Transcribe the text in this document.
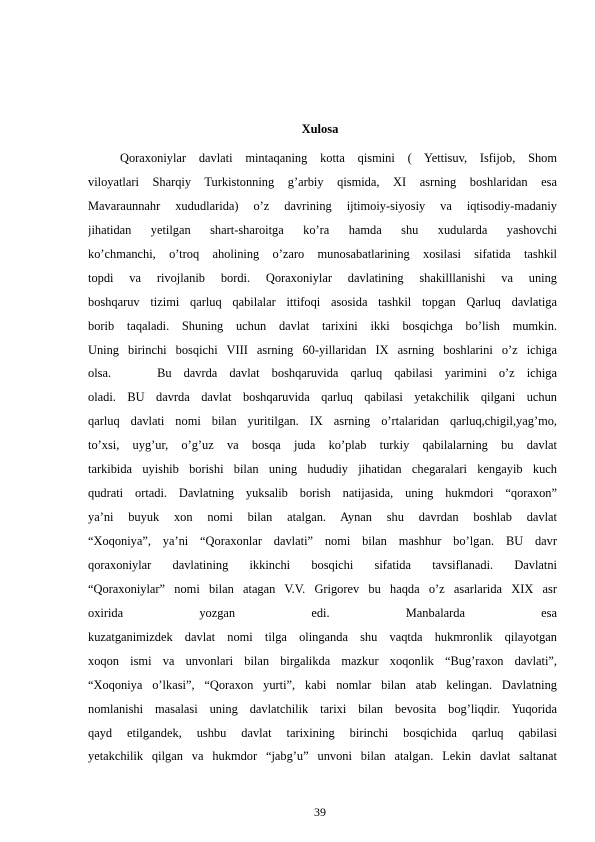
Xulosa
Qoraxoniylar davlati mintaqaning kotta qismini ( Yettisuv, Isfijob, Shom
viloyatlari Sharqiy Turkistonning g’arbiy qismida, XI asrning boshlaridan esa
Mavaraunnahr xududlarida) o’z davrining ijtimoiy-siyosiy va iqtisodiy-madaniy
jihatidan yetilgan shart-sharoitga ko’ra hamda shu xudularda yashovchi
ko’chmanchi, o’troq aholining o’zaro munosabatlarining xosilasi sifatida tashkil
topdi va rivojlanib bordi. Qoraxoniylar davlatining shakilllanishi va uning
boshqaruv tizimi qarluq qabilalar ittifoqi asosida tashkil topgan Qarluq davlatiga
borib taqaladi. Shuning uchun davlat tarixini ikki bosqichga bo’lish mumkin.
Uning birinchi bosqichi VIII asrning 60-yillaridan IX asrning boshlarini o’z ichiga
olsa.	Bu davrda davlat boshqaruvida qarluq qabilasi yarimini o’z ichiga
oladi. BU davrda davlat boshqaruvida qarluq qabilasi yetakchilik qilgani uchun
qarluq davlati nomi bilan yuritilgan. IX asrning o’rtalaridan qarluq,chigil,yag’mo,
to’xsi, uyg’ur, o’g’uz va bosqa juda ko’plab turkiy qabilalarning bu davlat
tarkibida uyishib borishi bilan uning hududiy jihatidan chegaralari kengayib kuch
qudrati ortadi. Davlatning yuksalib borish natijasida, uning hukmdori “qoraxon”
ya’ni buyuk xon nomi bilan atalgan. Aynan shu davrdan boshlab davlat
“Xoqoniya”, ya’ni “Qoraxonlar davlati” nomi bilan mashhur bo’lgan. BU davr
qoraxoniylar davlatining ikkinchi bosqichi sifatida tavsiflanadi. Davlatni
“Qoraxoniylar” nomi bilan atagan V.V. Grigorev bu haqda o’z asarlarida XIX asr
oxirida yozgan edi.	Manbalarda esa
kuzatganimizdek davlat nomi tilga olinganda shu vaqtda hukmronlik qilayotgan
xoqon ismi va unvonlari bilan birgalikda mazkur xoqonlik “Bug’raxon davlati”,
“Xoqoniya o’lkasi”, “Qoraxon yurti”, kabi nomlar bilan atab kelingan. Davlatning
nomlanishi masalasi uning davlatchilik tarixi bilan bevosita bog’liqdir. Yuqorida
qayd etilgandek, ushbu davlat tarixining birinchi bosqichida qarluq qabilasi
yetakchilik qilgan va hukmdor “jabg’u” unvoni bilan atalgan. Lekin davlat saltanat
39
